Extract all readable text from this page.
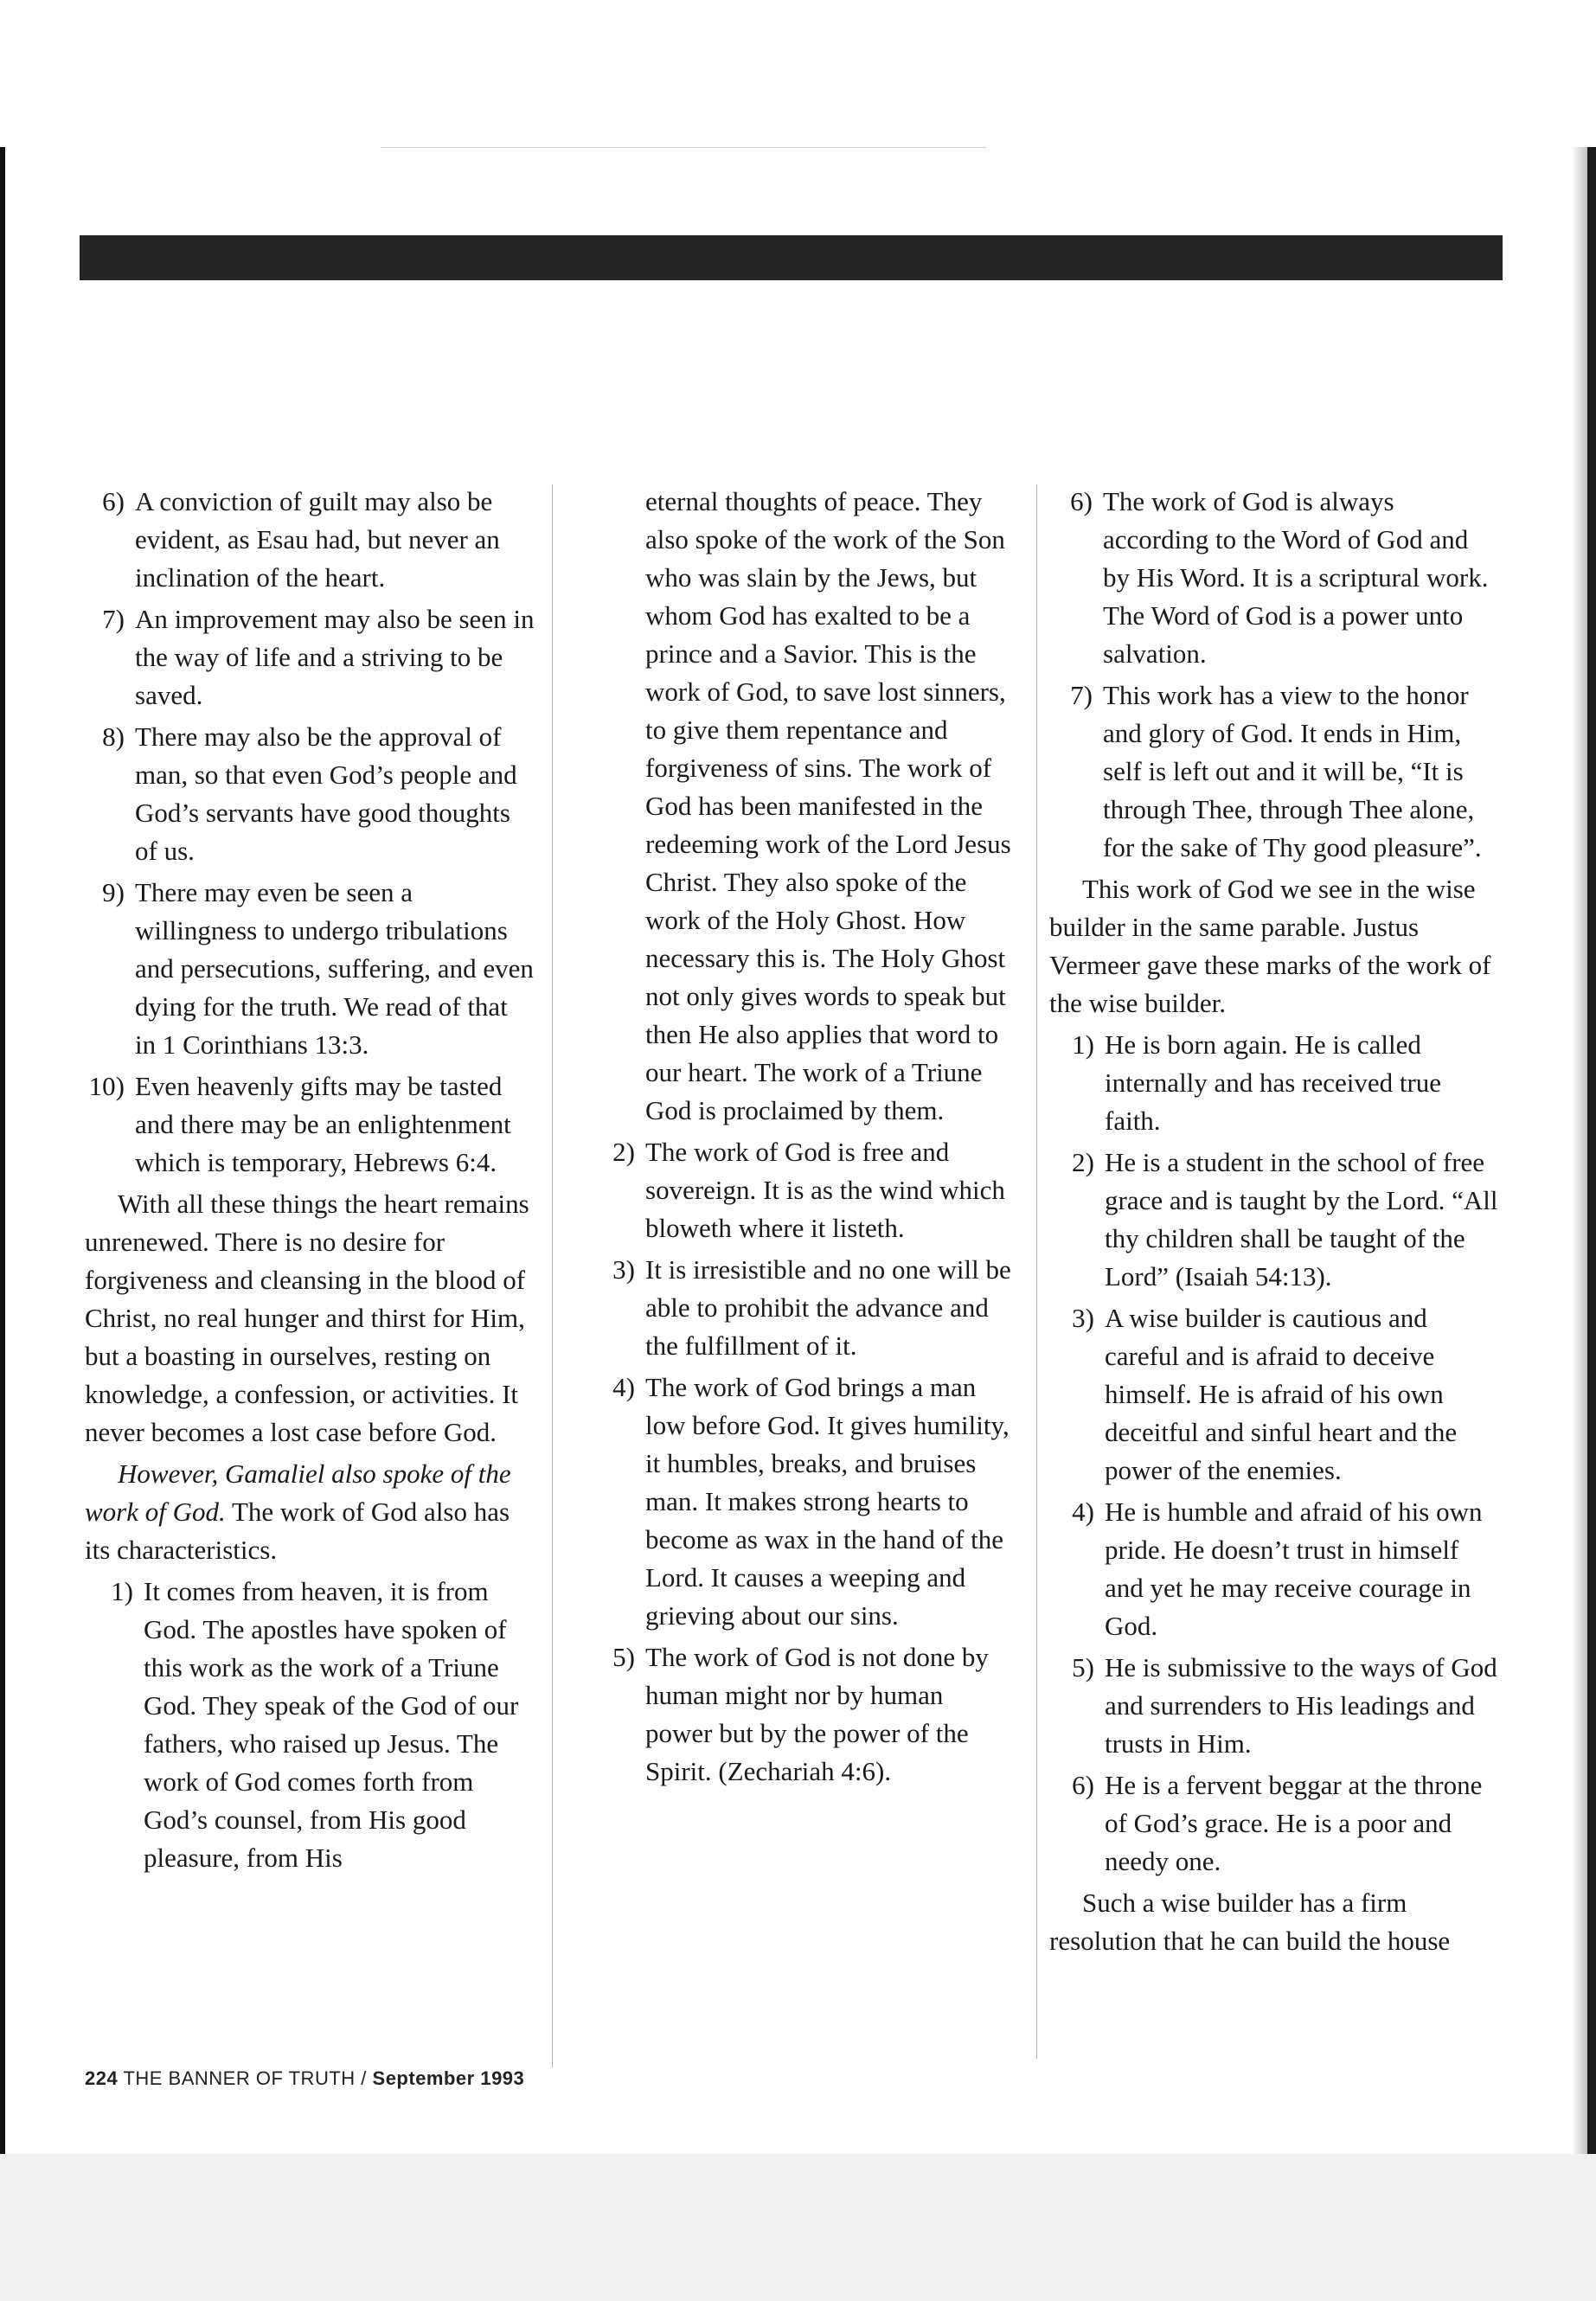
6) A conviction of guilt may also be evident, as Esau had, but never an inclination of the heart.
7) An improvement may also be seen in the way of life and a striving to be saved.
8) There may also be the approval of man, so that even God’s people and God’s servants have good thoughts of us.
9) There may even be seen a willingness to undergo tribulations and persecutions, suffering, and even dying for the truth. We read of that in 1 Corinthians 13:3.
10) Even heavenly gifts may be tasted and there may be an enlightenment which is temporary, Hebrews 6:4.

With all these things the heart remains unrenewed. There is no desire for forgiveness and cleansing in the blood of Christ, no real hunger and thirst for Him, but a boasting in ourselves, resting on knowledge, a confession, or activities. It never becomes a lost case before God.

However, Gamaliel also spoke of the work of God. The work of God also has its characteristics.

1) It comes from heaven, it is from God. The apostles have spoken of this work as the work of a Triune God. They speak of the God of our fathers, who raised up Jesus. The work of God comes forth from God’s counsel, from His good pleasure, from His
eternal thoughts of peace. They also spoke of the work of the Son who was slain by the Jews, but whom God has exalted to be a prince and a Savior. This is the work of God, to save lost sinners, to give them repentance and forgiveness of sins. The work of God has been manifested in the redeeming work of the Lord Jesus Christ. They also spoke of the work of the Holy Ghost. How necessary this is. The Holy Ghost not only gives words to speak but then He also applies that word to our heart. The work of a Triune God is proclaimed by them.
2) The work of God is free and sovereign. It is as the wind which bloweth where it listeth.
3) It is irresistible and no one will be able to prohibit the advance and the fulfillment of it.
4) The work of God brings a man low before God. It gives humility, it humbles, breaks, and bruises man. It makes strong hearts to become as wax in the hand of the Lord. It causes a weeping and grieving about our sins.
5) The work of God is not done by human might nor by human power but by the power of the Spirit. (Zechariah 4:6).
6) The work of God is always according to the Word of God and by His Word. It is a scriptural work. The Word of God is a power unto salvation.
7) This work has a view to the honor and glory of God. It ends in Him, self is left out and it will be, “It is through Thee, through Thee alone, for the sake of Thy good pleasure”.

This work of God we see in the wise builder in the same parable. Justus Vermeer gave these marks of the work of the wise builder.

1) He is born again. He is called internally and has received true faith.
2) He is a student in the school of free grace and is taught by the Lord. “All thy children shall be taught of the Lord” (Isaiah 54:13).
3) A wise builder is cautious and careful and is afraid to deceive himself. He is afraid of his own deceitful and sinful heart and the power of the enemies.
4) He is humble and afraid of his own pride. He doesn’t trust in himself and yet he may receive courage in God.
5) He is submissive to the ways of God and surrenders to His leadings and trusts in Him.
6) He is a fervent beggar at the throne of God’s grace. He is a poor and needy one.

Such a wise builder has a firm resolution that he can build the house

224 THE BANNER OF TRUTH / September 1993
